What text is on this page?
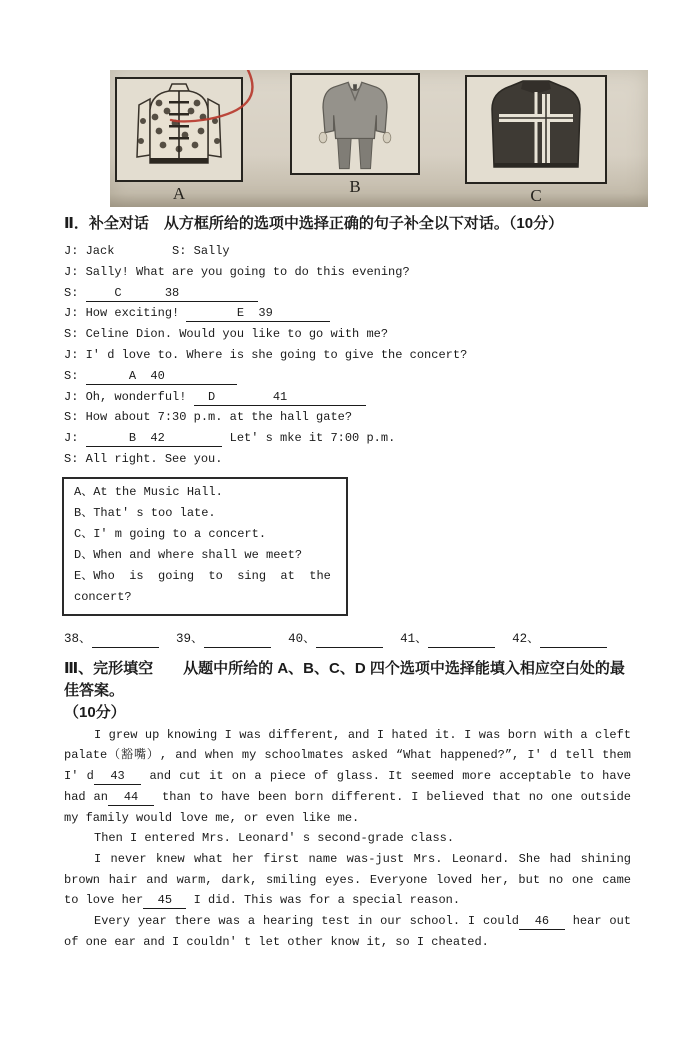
A	B	C
Ⅱ．补全对话　从方框所给的选项中选择正确的句子补全以下对话。（10分）
J: Jack        S: Sally
J: Sally! What are you going to do this evening?
S:     C      38
J: How exciting!        E  39
S: Celine Dion. Would you like to go with me?
J: I' d love to. Where is she going to give the concert?
S:       A  40
J: Oh, wonderful!   D        41
S: How about 7:30 p.m. at the hall gate?
J:       B  42         Let' s mke it 7:00 p.m.
S: All right. See you.
A、At the Music Hall.
B、That' s too late.
C、I' m going to a concert.
D、When and where shall we meet?
E、Who  is  going  to  sing  at  the
concert?
38、	39、	40、	41、	42、
Ⅲ、完形填空　　从题中所给的 A、B、C、D 四个选项中选择能填入相应空白处的最佳答案。
（10分）

I grew up knowing I was different, and I hated it. I was born with a cleft palate（豁嘴）, and when my schoolmates asked “What happened?”, I' d tell them I' d  43   and cut it on a piece of glass. It seemed more acceptable to have had an  44   than to have been born different. I believed that no one outside my family would love me, or even like me.

Then I entered Mrs. Leonard' s second-grade class.

I never knew what her first name was-just Mrs. Leonard. She had shining brown hair and warm, dark, smiling eyes. Everyone loved her, but no one came to love her  45   I did. This was for a special reason.

Every year there was a hearing test in our school. I could  46   hear out of one ear and I couldn' t let other know it, so I cheated.
